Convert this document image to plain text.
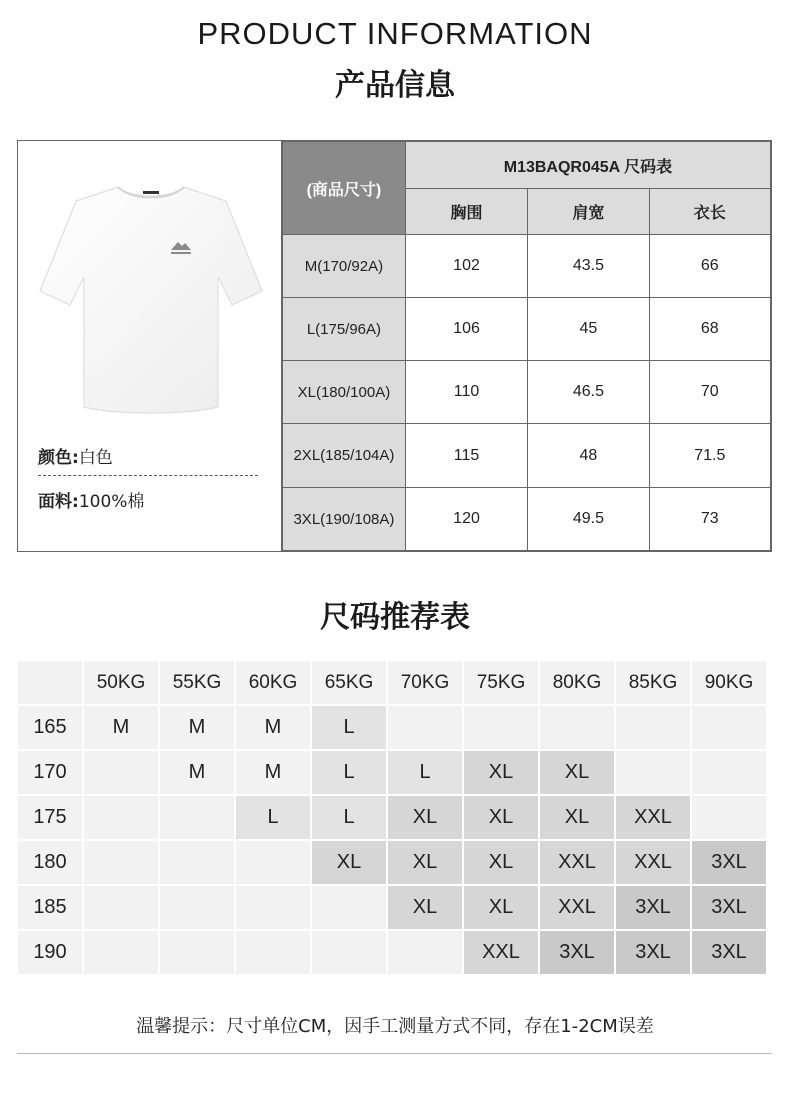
PRODUCT INFORMATION
产品信息
颜色:白色
面料:100%棉
(商品尺寸)	M13BAQR045A 尺码表		
	胸围	肩宽	衣长
M(170/92A)	102	43.5	66
L(175/96A)	106	45	68
XL(180/100A)	110	46.5	70
2XL(185/104A)	115	48	71.5
3XL(190/108A)	120	49.5	73
尺码推荐表
	50KG	55KG	60KG	65KG	70KG	75KG	80KG	85KG	90KG
165	M	M	M	L					
170		M	M	L	L	XL	XL		
175			L	L	XL	XL	XL	XXL	
180				XL	XL	XL	XXL	XXL	3XL
185					XL	XL	XXL	3XL	3XL
190						XXL	3XL	3XL	3XL
温馨提示：尺寸单位CM，因手工测量方式不同，存在1-2CM误差
